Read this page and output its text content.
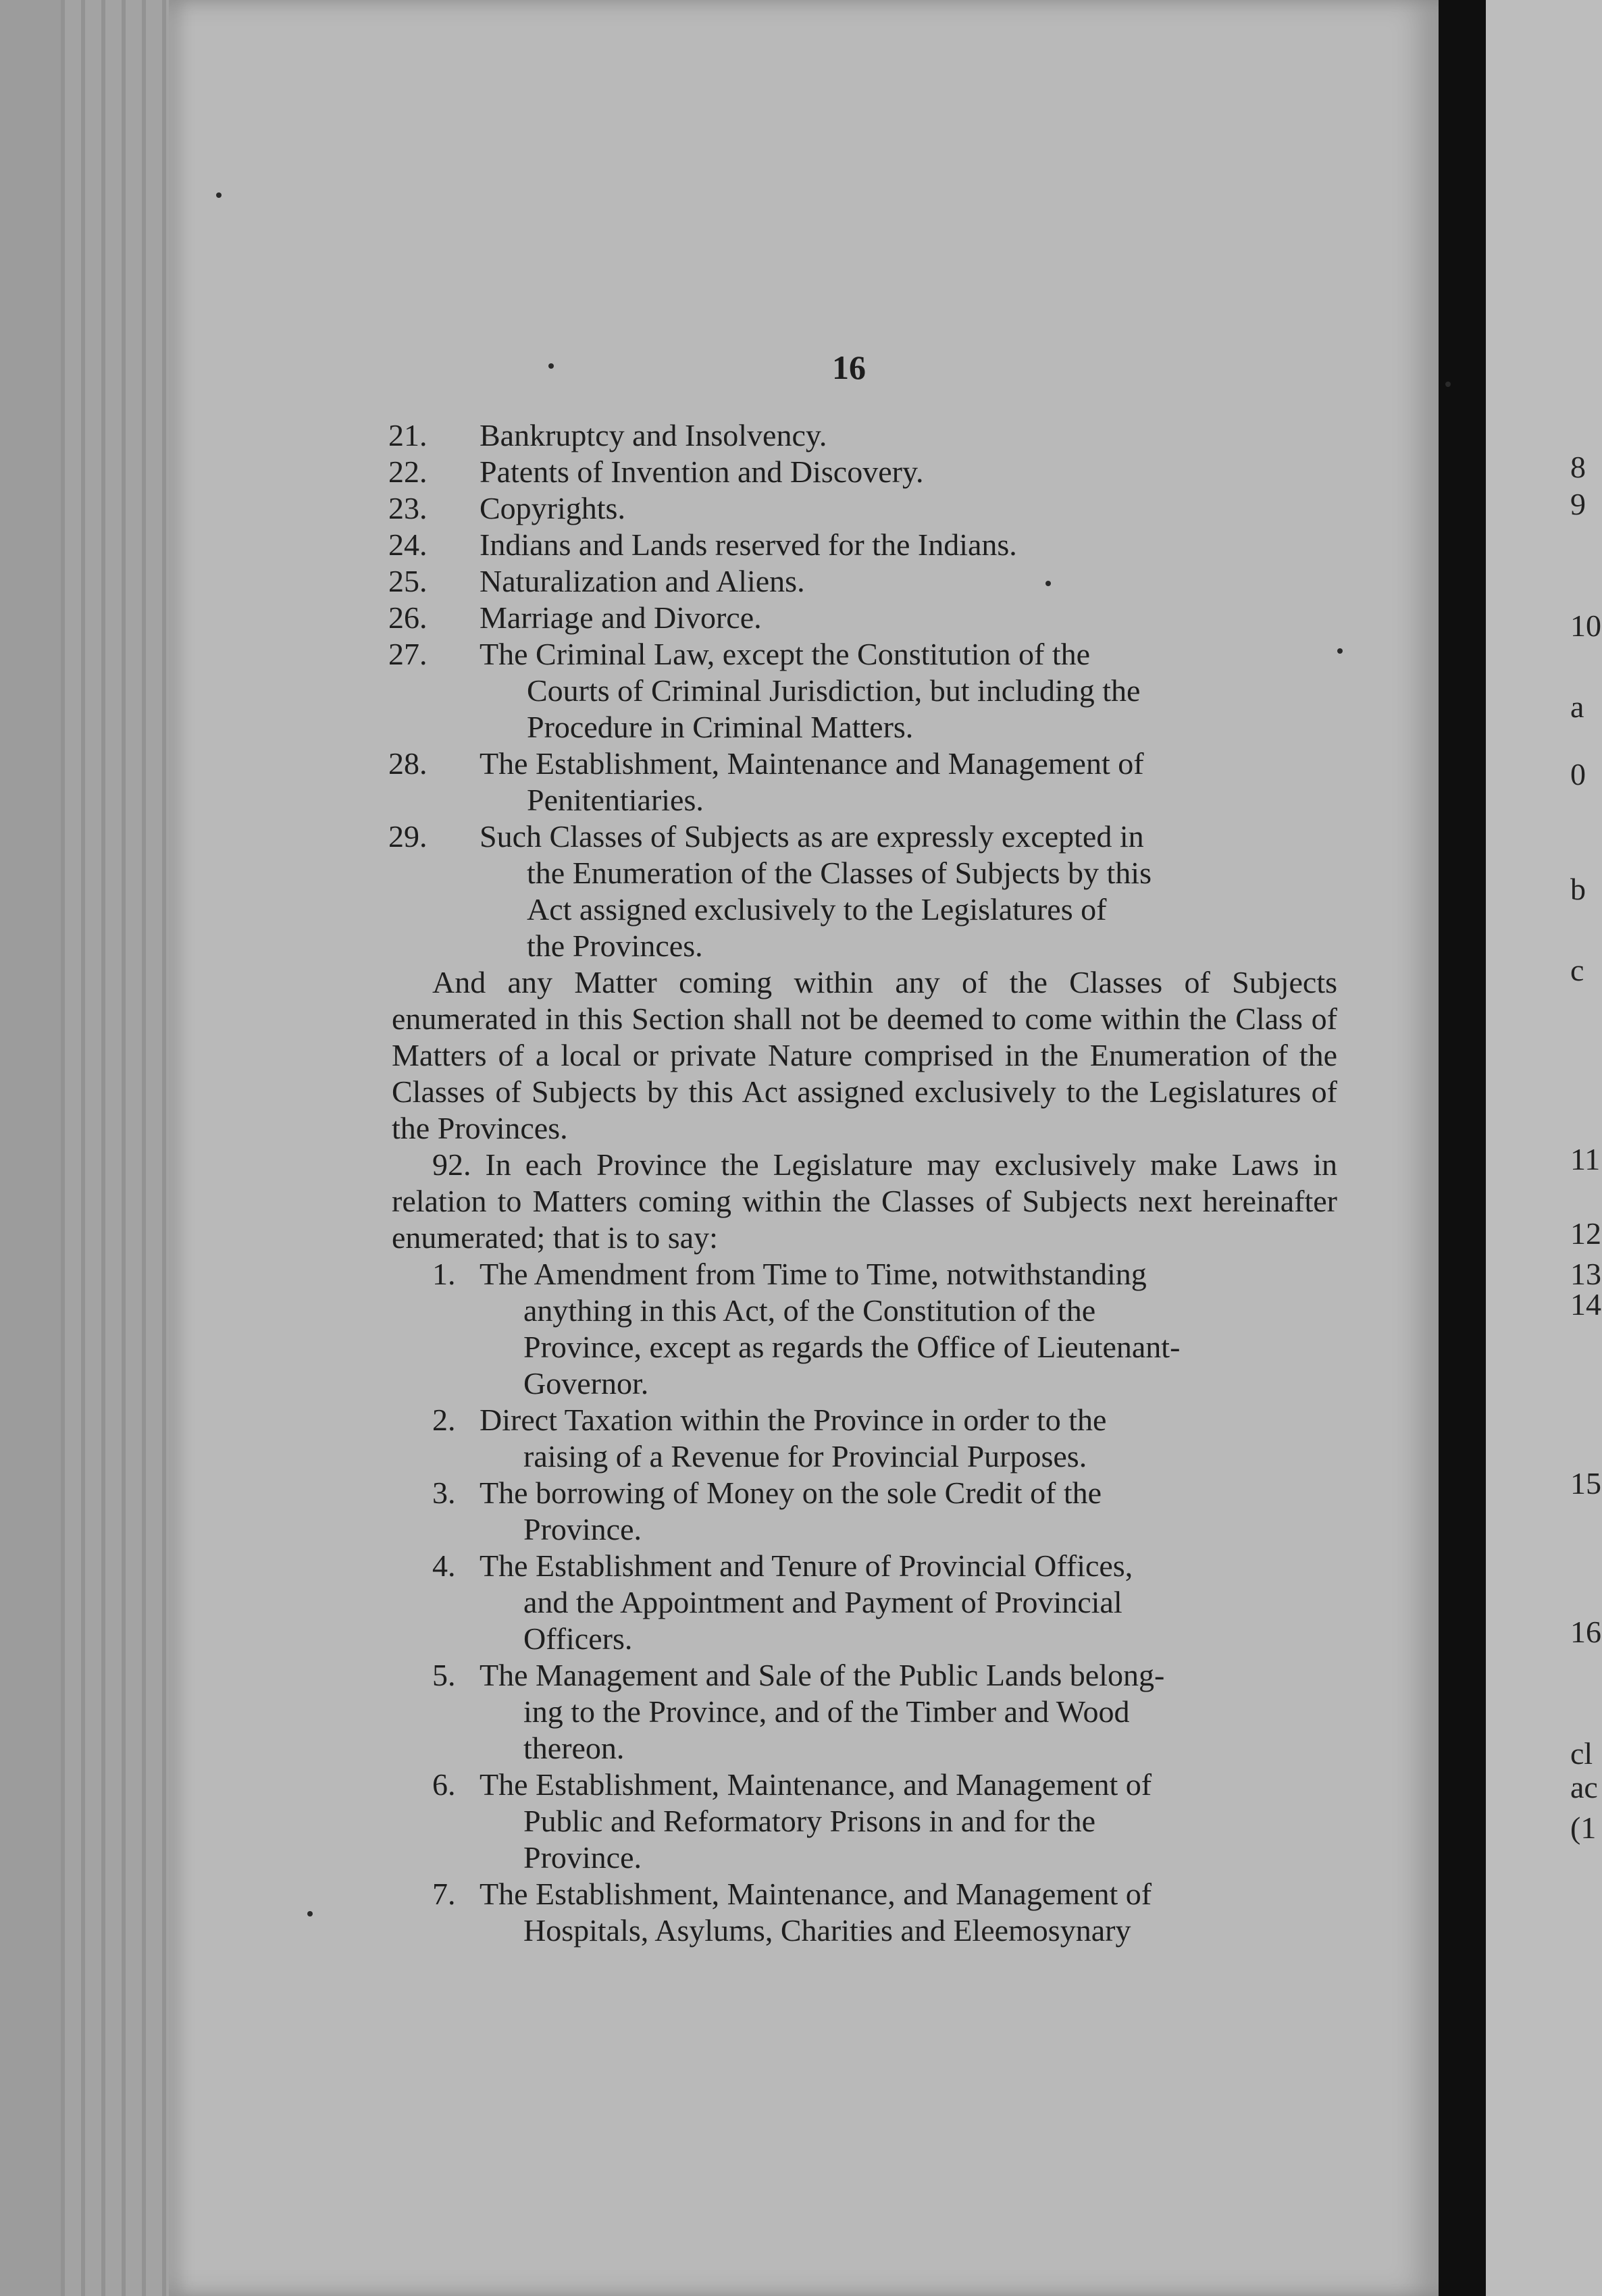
16
21.	Bankruptcy and Insolvency.
22.	Patents of Invention and Discovery.
23.	Copyrights.
24.	Indians and Lands reserved for the Indians.
25.	Naturalization and Aliens.
26.	Marriage and Divorce.
27.	The Criminal Law, except the Constitution of the
Courts of Criminal Jurisdiction, but including the
Procedure in Criminal Matters.
28.	The Establishment, Maintenance and Management of
Penitentiaries.
29.	Such Classes of Subjects as are expressly excepted in
the Enumeration of the Classes of Subjects by this
Act assigned exclusively to the Legislatures of
the Provinces.

And any Matter coming within any of the Classes of Subjects enumerated in this Section shall not be deemed to come within the Class of Matters of a local or private Nature comprised in the Enumeration of the Classes of Subjects by this Act assigned exclusively to the Legislatures of the Provinces.

92. In each Province the Legislature may exclusively make Laws in relation to Matters coming within the Classes of Subjects next hereinafter enumerated; that is to say:

1. The Amendment from Time to Time, notwithstanding
anything in this Act, of the Constitution of the
Province, except as regards the Office of Lieutenant-
Governor.
2. Direct Taxation within the Province in order to the
raising of a Revenue for Provincial Purposes.
3. The borrowing of Money on the sole Credit of the
Province.
4. The Establishment and Tenure of Provincial Offices,
and the Appointment and Payment of Provincial
Officers.
5. The Management and Sale of the Public Lands belong-
ing to the Province, and of the Timber and Wood
thereon.
6. The Establishment, Maintenance, and Management of
Public and Reformatory Prisons in and for the
Province.
7. The Establishment, Maintenance, and Management of
Hospitals, Asylums, Charities and Eleemosynary
8
9
10
a
0
b
c
11
12
13
14
15
16
cl
ac
(1
